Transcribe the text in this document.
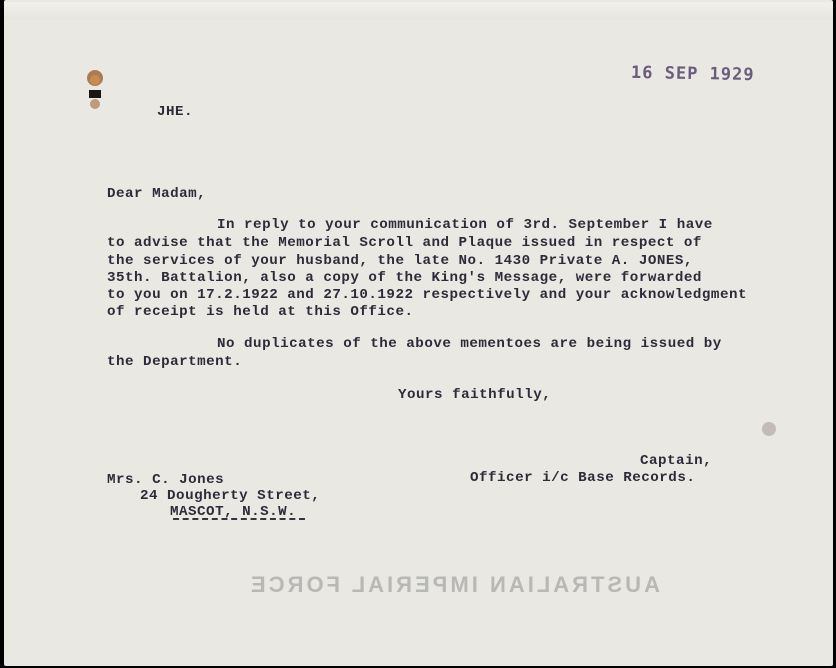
AUSTRALIAN IMPERIAL FORCE
16 SEP 1929
JHE.
Dear Madam,
In reply to your communication of 3rd. September I have
to advise that the Memorial Scroll and Plaque issued in respect of
the services of your husband, the late No. 1430 Private A. JONES,
35th. Battalion, also a copy of the King's Message, were forwarded
to you on 17.2.1922 and 27.10.1922 respectively and your acknowledgment
of receipt is held at this Office.
No duplicates of the above mementoes are being issued by
the Department.
Yours faithfully,
Captain,
Officer i/c Base Records.
Mrs. C. Jones
24 Dougherty Street,
MASCOT, N.S.W.
